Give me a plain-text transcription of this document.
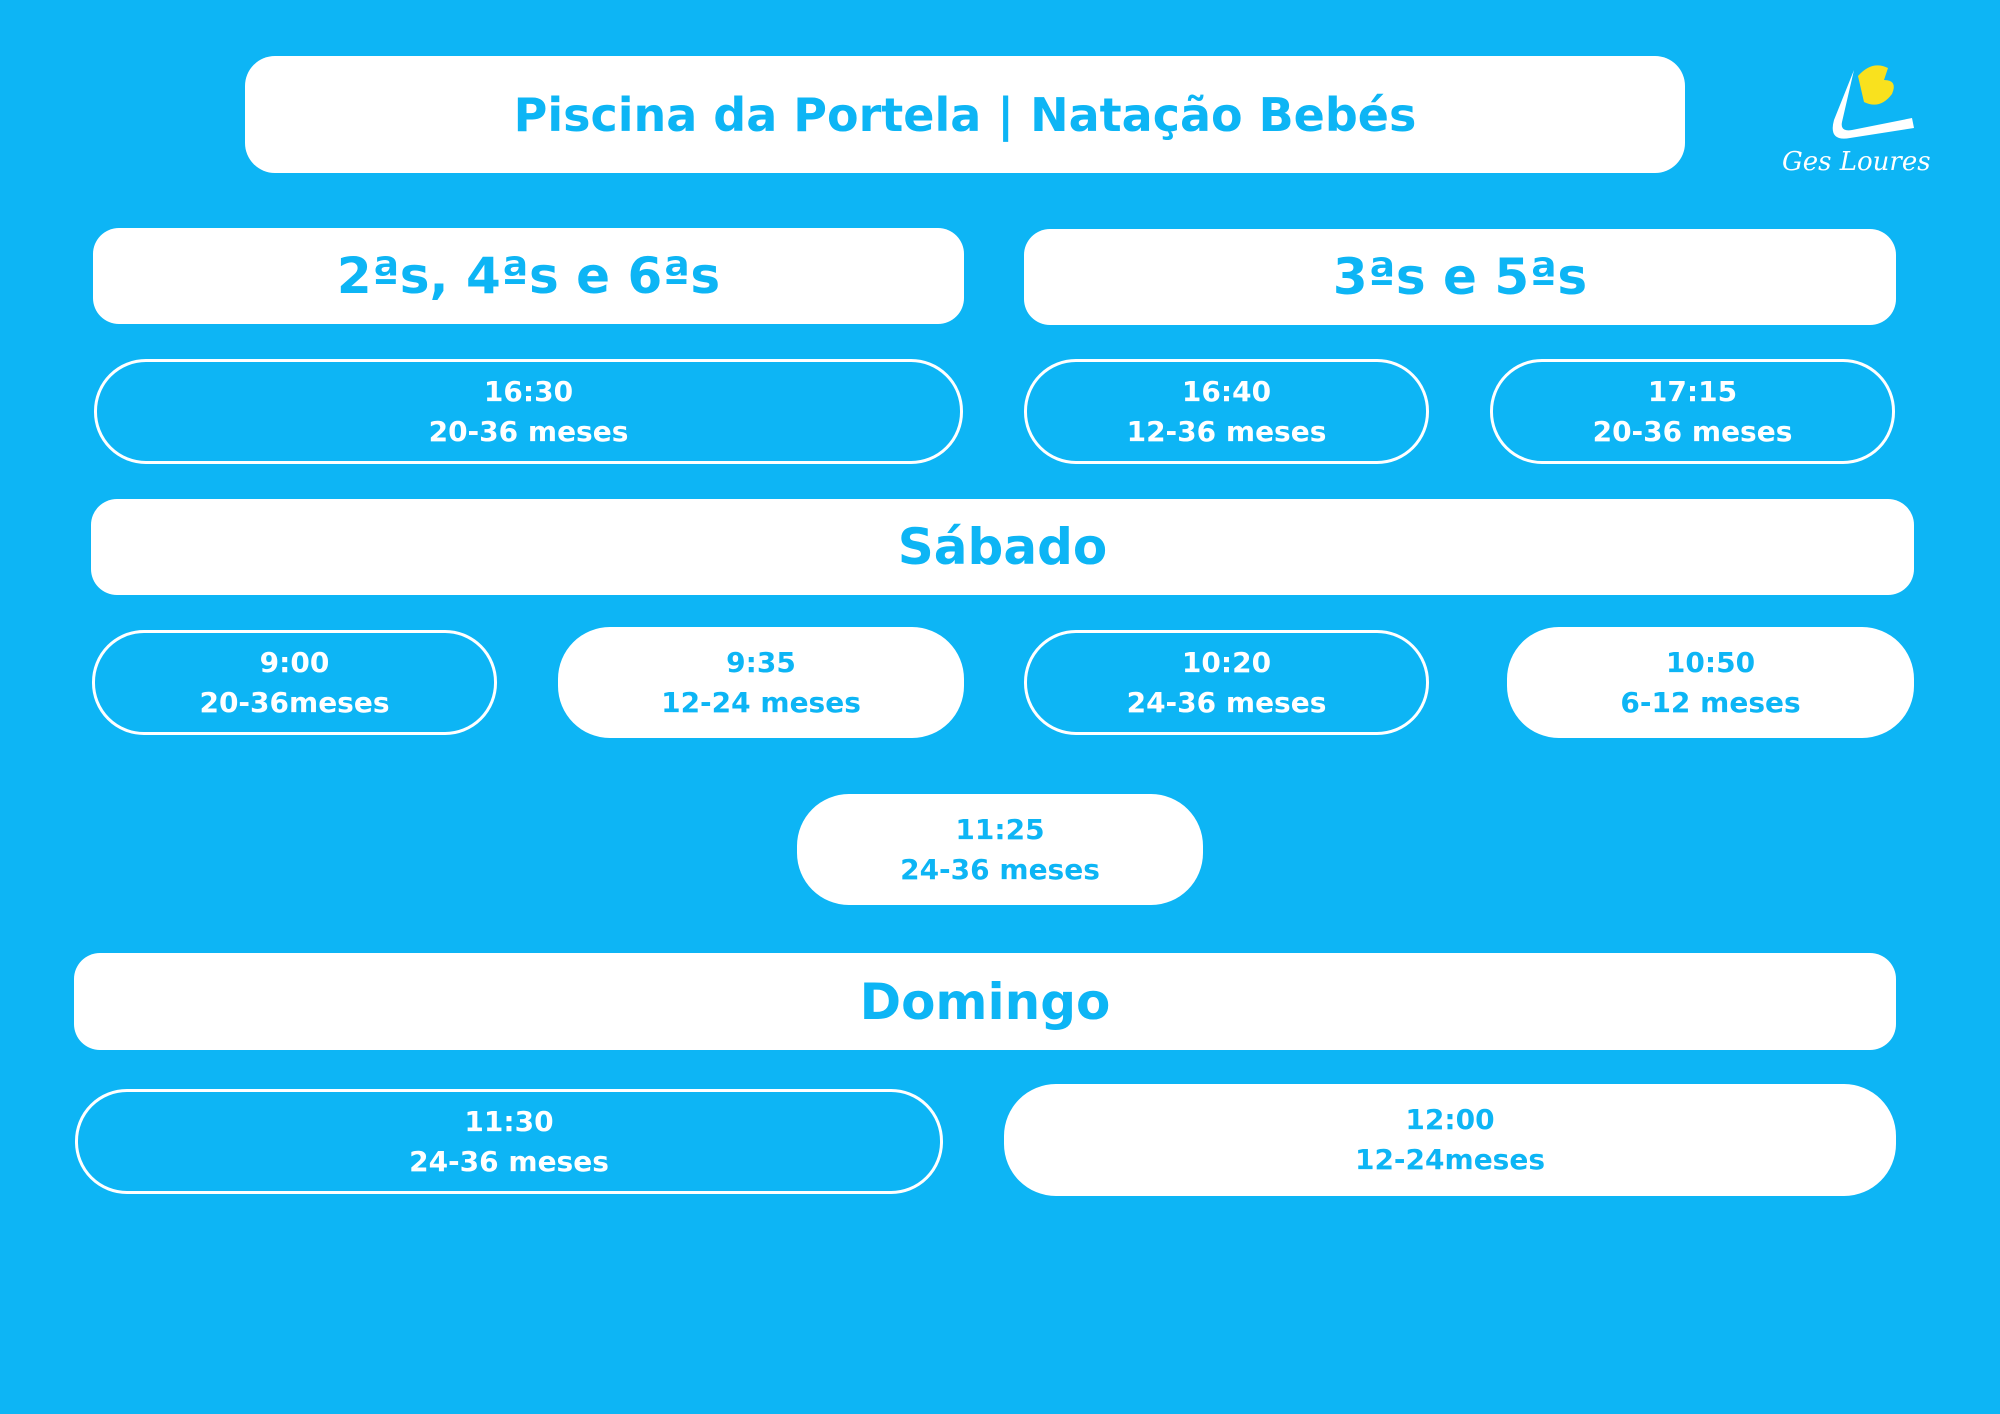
Piscina da Portela | Natação Bebés
Ges Loures
2ªs, 4ªs e 6ªs	3ªs e 5ªs
16:30
20-36 meses
16:40
12-36 meses
17:15
20-36 meses
Sábado
9:00
20-36meses
9:35
12-24 meses
10:20
24-36 meses
10:50
6-12 meses
11:25
24-36 meses
Domingo
11:30
24-36 meses
12:00
12-24meses
